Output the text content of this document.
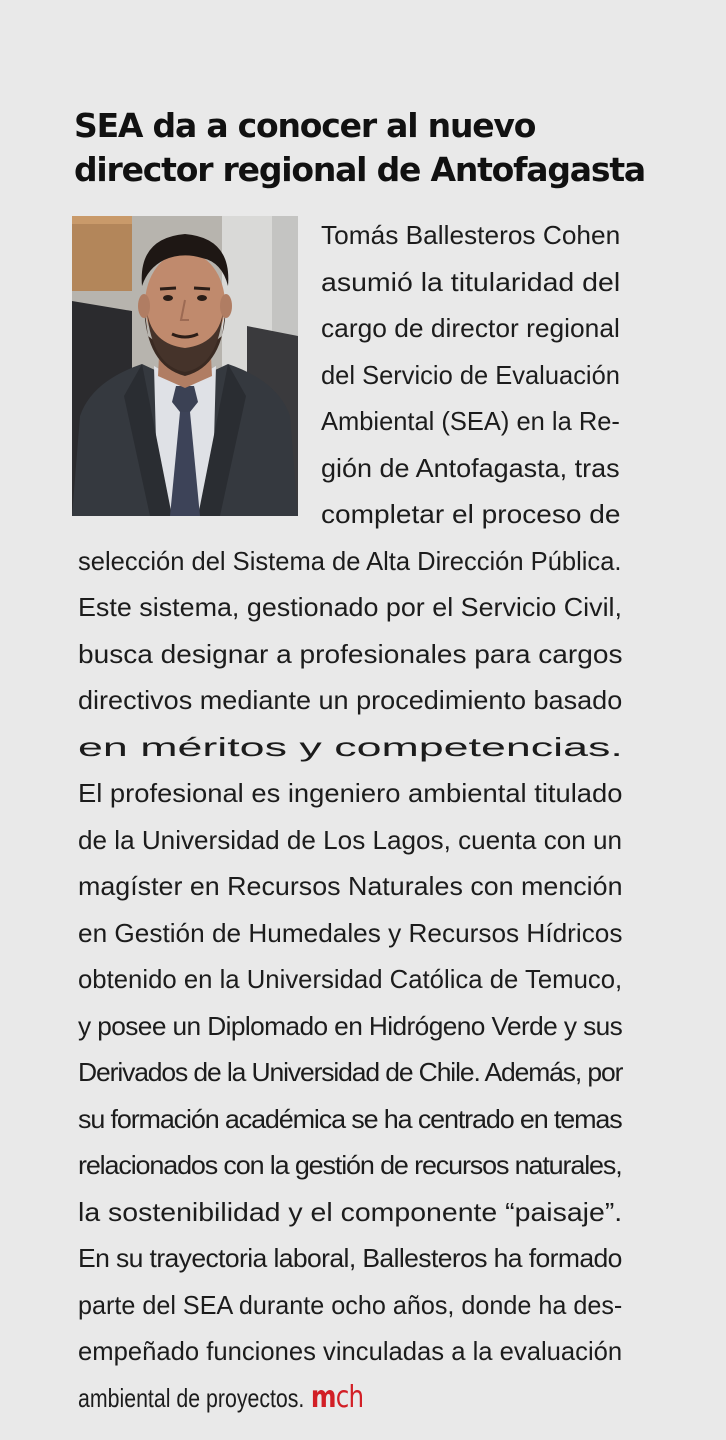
SEA da a conocer al nuevo
director regional de Antofagasta
Tomás Ballesteros Cohen
asumió la titularidad del
cargo de director regional
del Servicio de Evaluación
Ambiental (SEA) en la Re-
gión de Antofagasta, tras
completar el proceso de
selección del Sistema de Alta Dirección Pública.
Este sistema, gestionado por el Servicio Civil,
busca designar a profesionales para cargos
directivos mediante un procedimiento basado
en méritos y competencias.
El profesional es ingeniero ambiental titulado
de la Universidad de Los Lagos, cuenta con un
magíster en Recursos Naturales con mención
en Gestión de Humedales y Recursos Hídricos
obtenido en la Universidad Católica de Temuco,
y posee un Diplomado en Hidrógeno Verde y sus
Derivados de la Universidad de Chile. Además, por
su formación académica se ha centrado en temas
relacionados con la gestión de recursos naturales,
la sostenibilidad y el componente “paisaje”.
En su trayectoria laboral, Ballesteros ha formado
parte del SEA durante ocho años, donde ha des-
empeñado funciones vinculadas a la evaluación
ambiental de proyectos. mch
